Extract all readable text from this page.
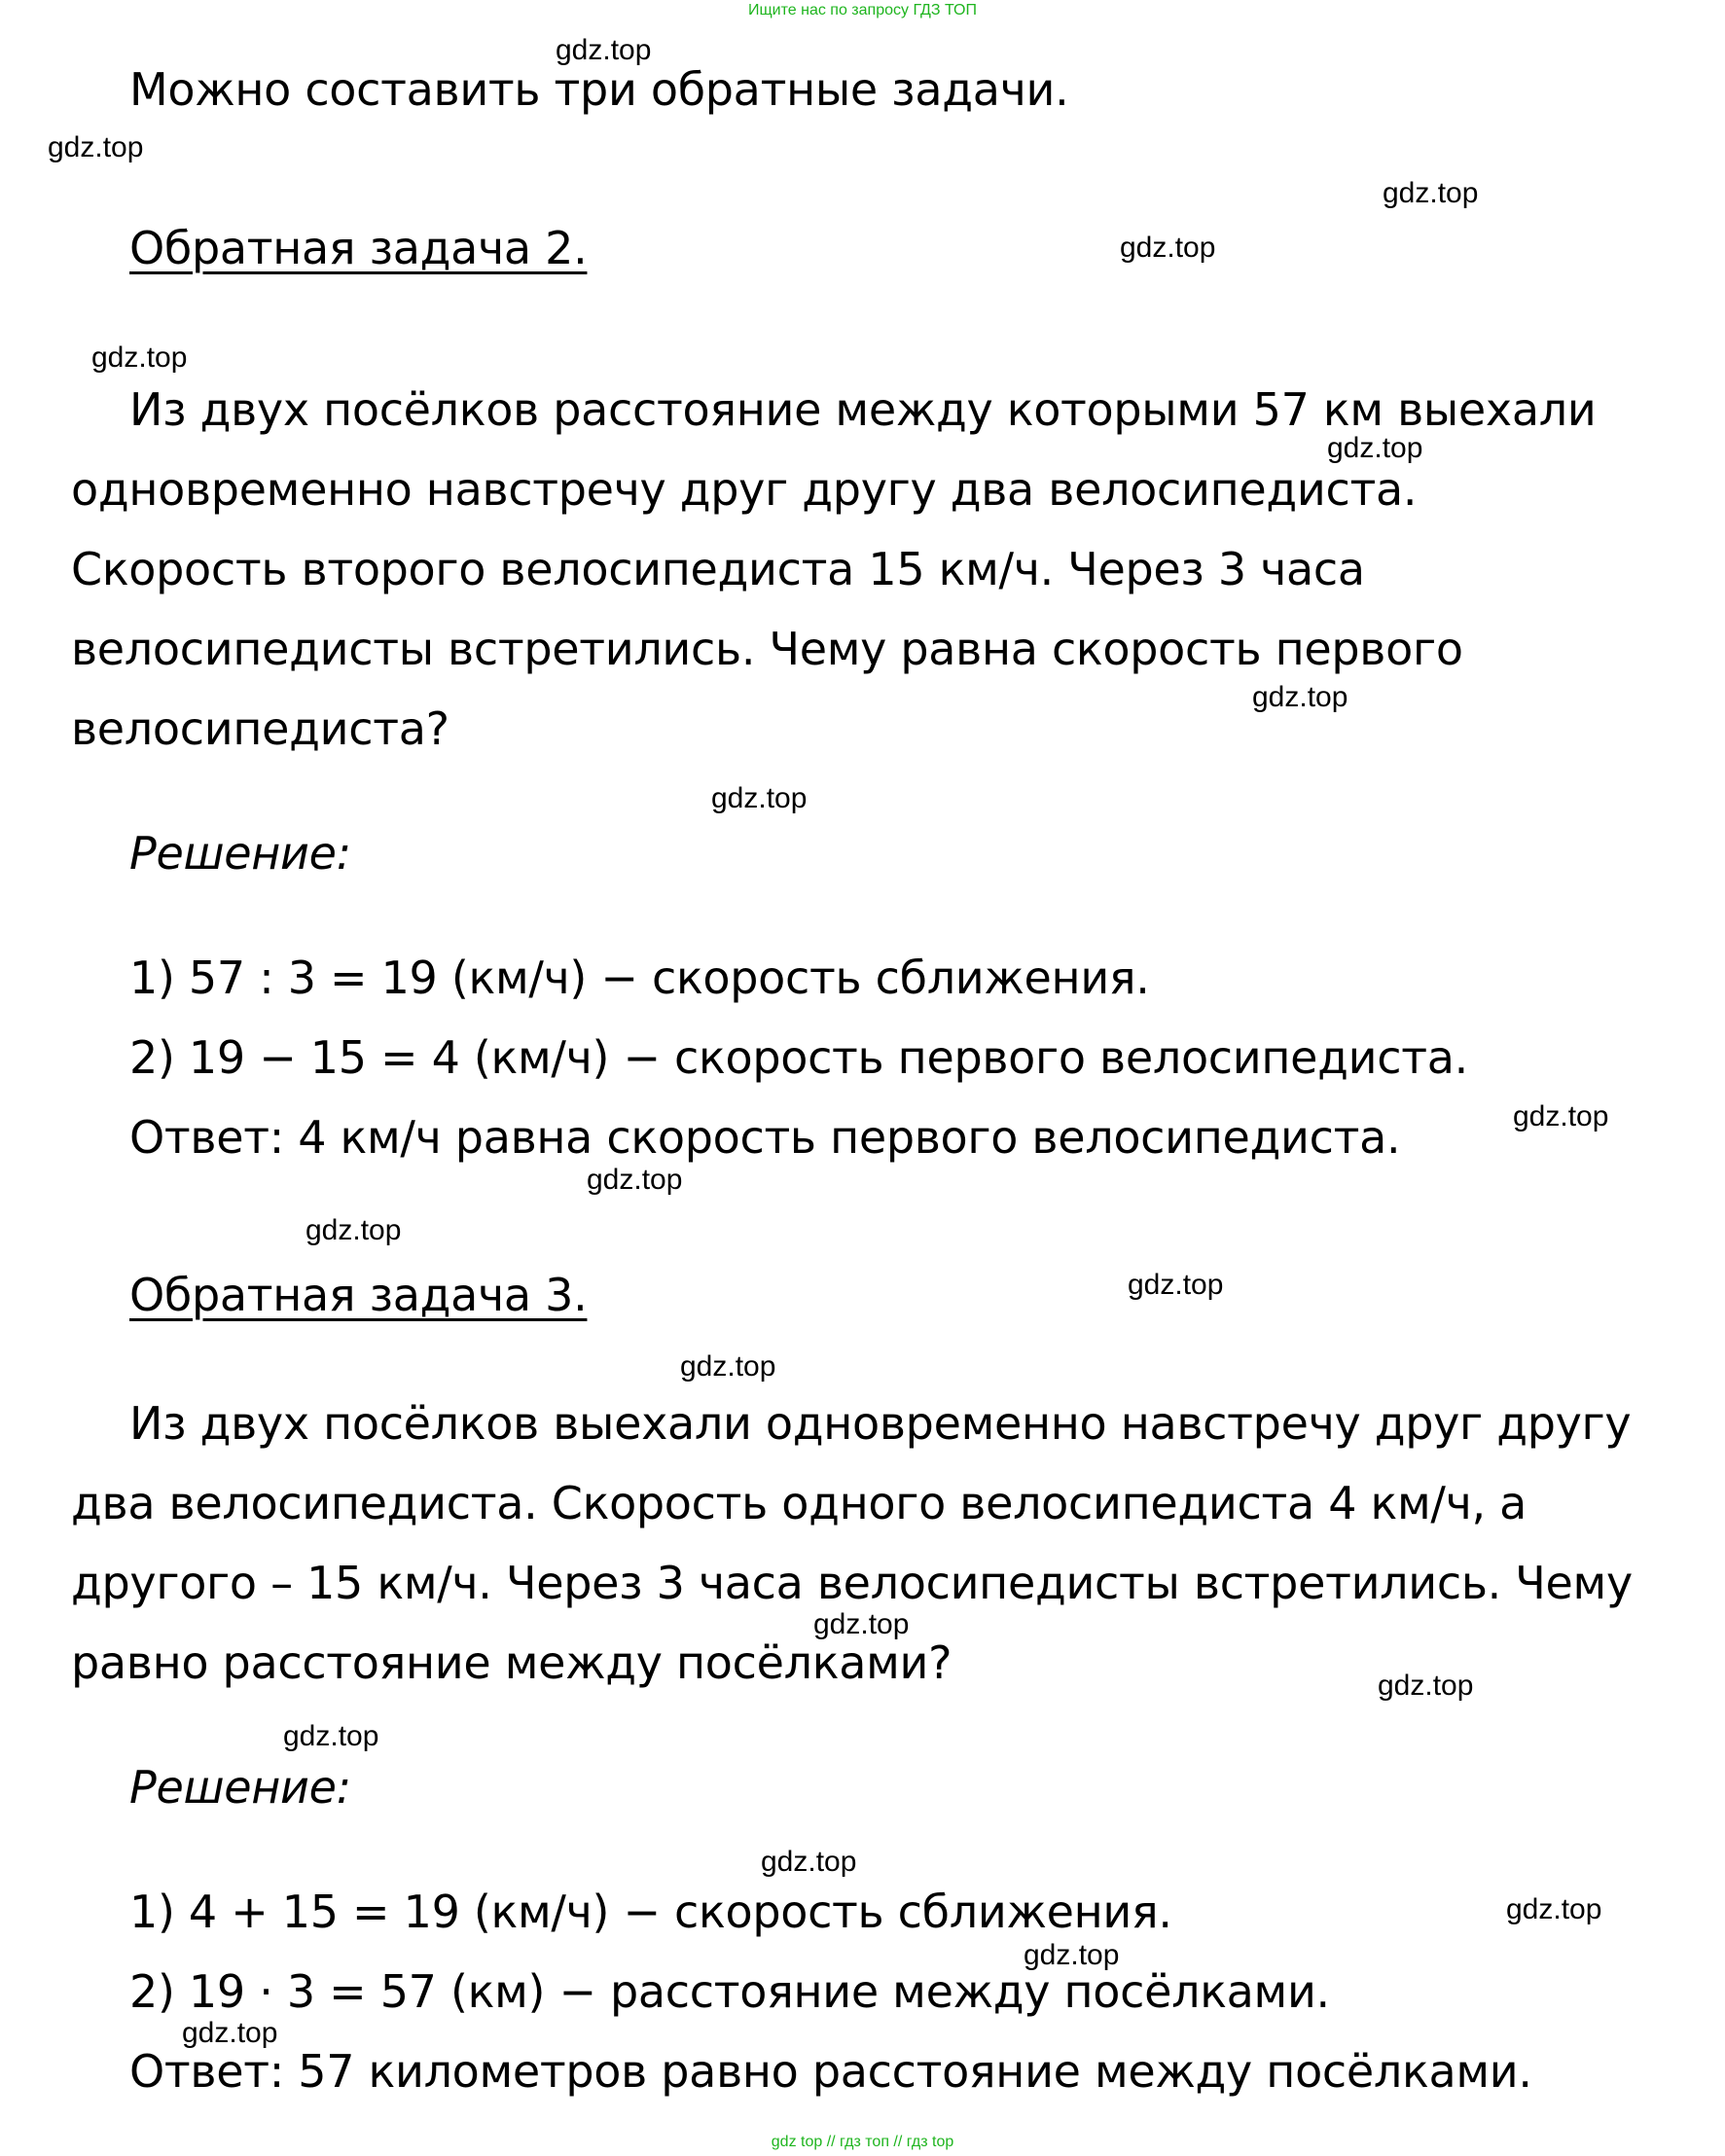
Ищите нас по запросу ГДЗ ТОП
Можно составить три обратные задачи.
Обратная задача 2.
Из двух посёлков расстояние между которыми 57 км выехали
одновременно навстречу друг другу два велосипедиста.
Скорость второго велосипедиста 15 км/ч. Через 3 часа
велосипедисты встретились. Чему равна скорость первого
велосипедиста?
Решение:
1) 57 : 3 = 19 (км/ч) − скорость сближения.
2) 19 − 15 = 4 (км/ч) − скорость первого велосипедиста.
Ответ: 4 км/ч равна скорость первого велосипедиста.
Обратная задача 3.
Из двух посёлков выехали одновременно навстречу друг другу
два велосипедиста. Скорость одного велосипедиста 4 км/ч, а
другого – 15 км/ч. Через 3 часа велосипедисты встретились. Чему
равно расстояние между посёлками?
Решение:
1) 4 + 15 = 19 (км/ч) − скорость сближения.
2) 19 · 3 = 57 (км) − расстояние между посёлками.
Ответ: 57 километров равно расстояние между посёлками.
gdz.top
gdz.top
gdz.top
gdz.top
gdz.top
gdz.top
gdz.top
gdz.top
gdz.top
gdz.top
gdz.top
gdz.top
gdz.top
gdz.top
gdz.top
gdz.top
gdz.top
gdz.top
gdz.top
gdz.top
gdz top // гдз топ // гдз top
